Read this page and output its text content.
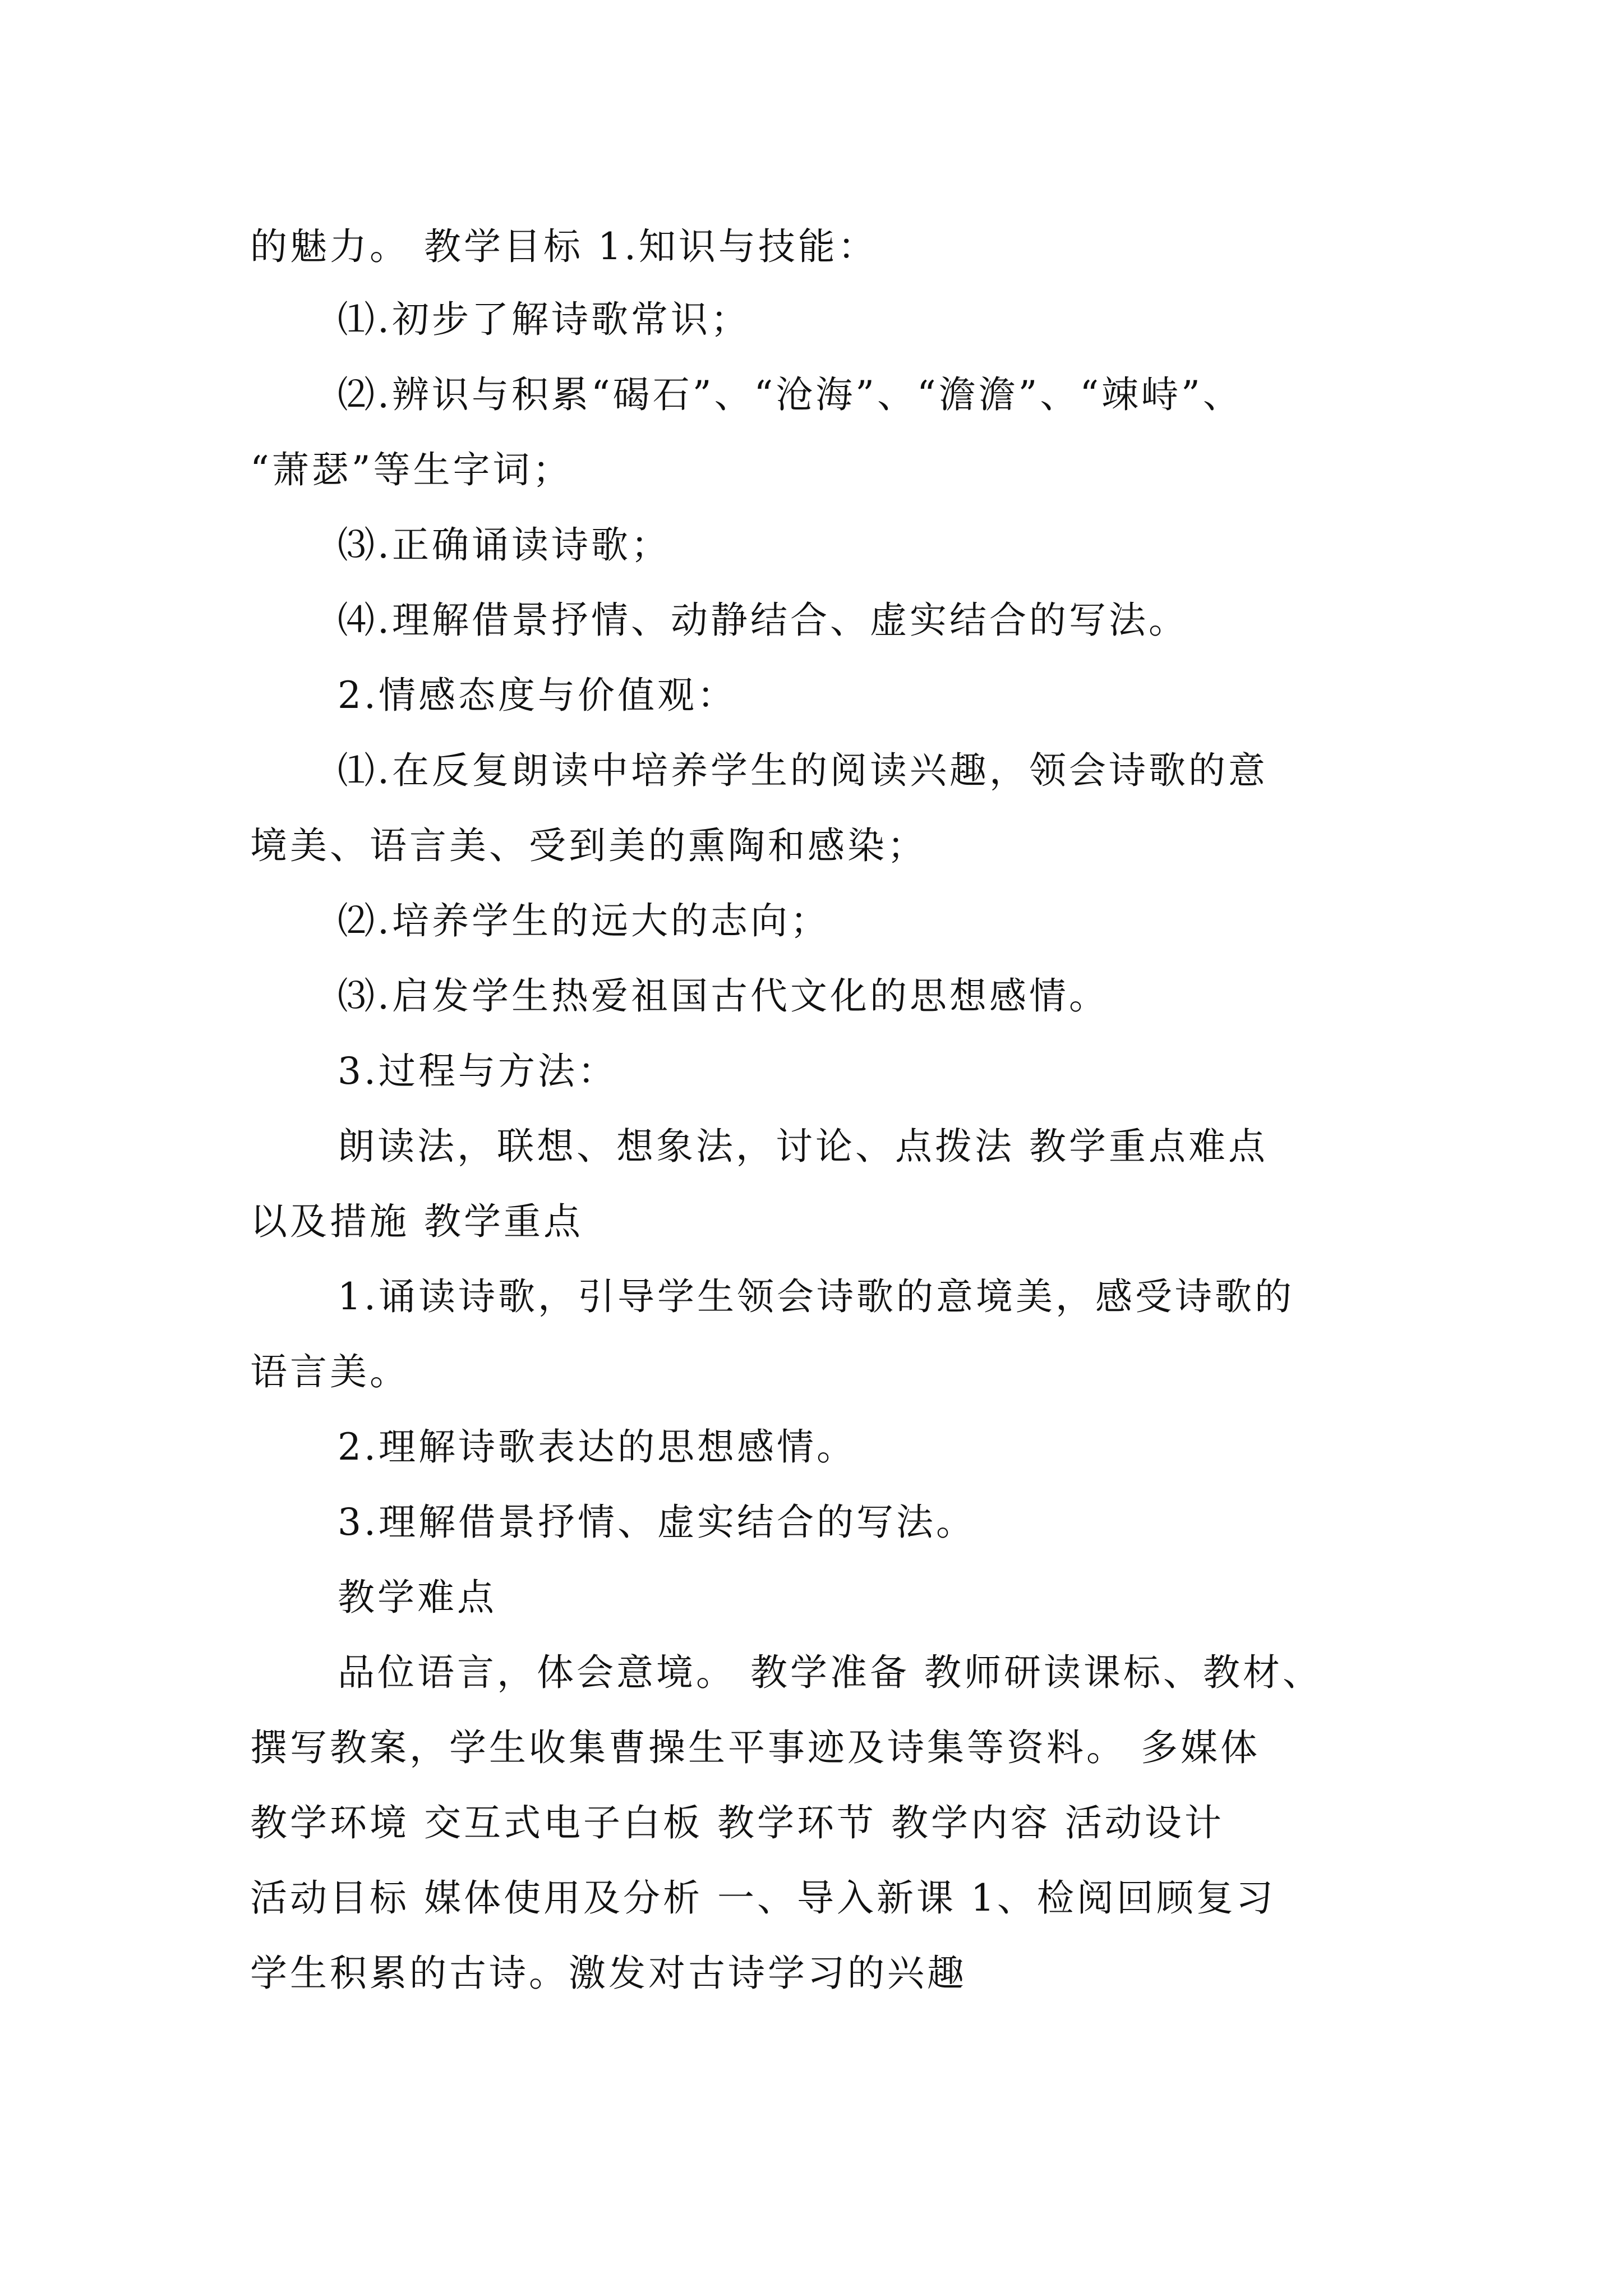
的魅力。 教学目标 1.知识与技能：

⑴.初步了解诗歌常识；

⑵.辨识与积累“碣石”、“沧海”、“澹澹”、“竦峙”、

“萧瑟”等生字词；

⑶.正确诵读诗歌；

⑷.理解借景抒情、动静结合、虚实结合的写法。

2.情感态度与价值观：

⑴.在反复朗读中培养学生的阅读兴趣，领会诗歌的意

境美、语言美、受到美的熏陶和感染；

⑵.培养学生的远大的志向；

⑶.启发学生热爱祖国古代文化的思想感情。

3.过程与方法：

朗读法，联想、想象法，讨论、点拨法 教学重点难点

以及措施 教学重点

1.诵读诗歌，引导学生领会诗歌的意境美，感受诗歌的

语言美。

2.理解诗歌表达的思想感情。

3.理解借景抒情、虚实结合的写法。

教学难点

品位语言，体会意境。 教学准备 教师研读课标、教材、

撰写教案，学生收集曹操生平事迹及诗集等资料。 多媒体

教学环境 交互式电子白板 教学环节 教学内容 活动设计

活动目标 媒体使用及分析 一、导入新课 1、检阅回顾复习

学生积累的古诗。激发对古诗学习的兴趣
